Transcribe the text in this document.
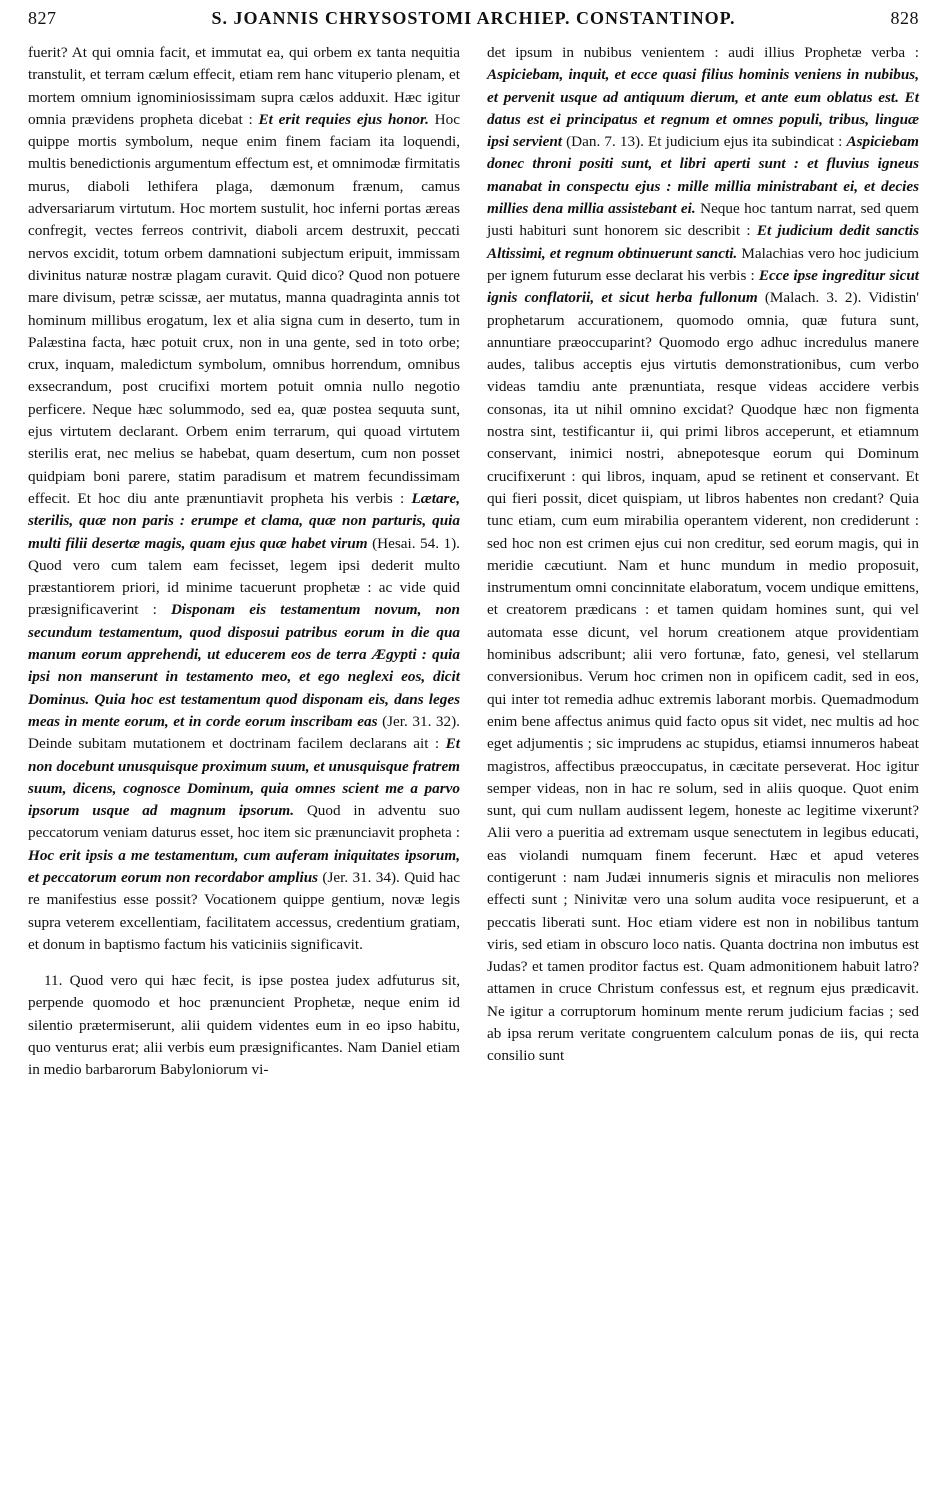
827	S. JOANNIS CHRYSOSTOMI ARCHIEP. CONSTANTINOP.	828

fuerit? At qui omnia facit, et immutat ea, qui orbem ex tanta nequitia transtulit, et terram cælum effecit, etiam rem hanc vituperio plenam, et mortem omnium ignominiosissimam supra cælos adduxit. Hæc igitur omnia prævidens propheta dicebat : Et erit requies ejus honor. Hoc quippe mortis symbolum, neque enim finem faciam ita loquendi, multis benedictionis argumentum effectum est, et omnimodæ firmitatis murus, diaboli lethifera plaga, dæmonum frænum, camus adversariarum virtutum. Hoc mortem sustulit, hoc inferni portas æreas confregit, vectes ferreos contrivit, diaboli arcem destruxit, peccati nervos excidit, totum orbem damnationi subjectum eripuit, immissam divinitus naturæ nostræ plagam curavit. Quid dico? Quod non potuere mare divisum, petræ scissæ, aer mutatus, manna quadraginta annis tot hominum millibus erogatum, lex et alia signa cum in deserto, tum in Palæstina facta, hæc potuit crux, non in una gente, sed in toto orbe; crux, inquam, maledictum symbolum, omnibus horrendum, omnibus exsecrandum, post crucifixi mortem potuit omnia nullo negotio perficere. Neque hæc solummodo, sed ea, quæ postea sequuta sunt, ejus virtutem declarant. Orbem enim terrarum, qui quoad virtutem sterilis erat, nec melius se habebat, quam desertum, cum non posset quidpiam boni parere, statim paradisum et matrem fecundissimam effecit. Et hoc diu ante prænuntiavit propheta his verbis : Lætare, sterilis, quæ non paris : erumpe et clama, quæ non parturis, quia multi filii desertæ magis, quam ejus quæ habet virum (Hesai. 54. 1). Quod vero cum talem eam fecisset, legem ipsi dederit multo præstantiorem priori, id minime tacuerunt prophetæ : ac vide quid præsignificaverint : Disponam eis testamentum novum, non secundum testamentum, quod disposui patribus eorum in die qua manum eorum apprehendi, ut educerem eos de terra Ægypti : quia ipsi non manserunt in testamento meo, et ego neglexi eos, dicit Dominus. Quia hoc est testamentum quod disponam eis, dans leges meas in mente eorum, et in corde eorum inscribam eas (Jer. 31. 32). Deinde subitam mutationem et doctrinam facilem declarans ait : Et non docebunt unusquisque proximum suum, et unusquisque fratrem suum, dicens, cognosce Dominum, quia omnes scient me a parvo ipsorum usque ad magnum ipsorum. Quod in adventu suo peccatorum veniam daturus esset, hoc item sic prænunciavit propheta : Hoc erit ipsis a me testamentum, cum auferam iniquitates ipsorum, et peccatorum eorum non recordabor amplius (Jer. 31. 34). Quid hac re manifestius esse possit? Vocationem quippe gentium, novæ legis supra veterem excellentiam, facilitatem accessus, credentium gratiam, et donum in baptismo factum his vaticiniis significavit.

11. Quod vero qui hæc fecit, is ipse postea judex adfuturus sit, perpende quomodo et hoc prænuncient Prophetæ, neque enim id silentio prætermiserunt, alii quidem videntes eum in eo ipso habitu, quo venturus erat; alii verbis eum præsignificantes. Nam Daniel etiam in medio barbarorum Babyloniorum vi-

det ipsum in nubibus venientem : audi illius Prophetæ verba : Aspiciebam, inquit, et ecce quasi filius hominis veniens in nubibus, et pervenit usque ad antiquum dierum, et ante eum oblatus est. Et datus est ei principatus et regnum et omnes populi, tribus, linguæ ipsi servient (Dan. 7. 13). Et judicium ejus ita subindicat : Aspiciebam donec throni positi sunt, et libri aperti sunt : et fluvius igneus manabat in conspectu ejus : mille millia ministrabant ei, et decies millies dena millia assistebant ei. Neque hoc tantum narrat, sed quem justi habituri sunt honorem sic describit : Et judicium dedit sanctis Altissimi, et regnum obtinuerunt sancti. Malachias vero hoc judicium per ignem futurum esse declarat his verbis : Ecce ipse ingreditur sicut ignis conflatorii, et sicut herba fullonum (Malach. 3. 2). Vidistin' prophetarum accurationem, quomodo omnia, quæ futura sunt, annuntiare præoccuparint? Quomodo ergo adhuc incredulus manere audes, talibus acceptis ejus virtutis demonstrationibus, cum verbo videas tamdiu ante prænuntiata, resque videas accidere verbis consonas, ita ut nihil omnino excidat? Quodque hæc non figmenta nostra sint, testificantur ii, qui primi libros acceperunt, et etiamnum conservant, inimici nostri, abnepotesque eorum qui Dominum crucifixerunt : qui libros, inquam, apud se retinent et conservant. Et qui fieri possit, dicet quispiam, ut libros habentes non credant? Quia tunc etiam, cum eum mirabilia operantem viderent, non crediderunt : sed hoc non est crimen ejus cui non creditur, sed eorum magis, qui in meridie cæcutiunt. Nam et hunc mundum in medio proposuit, instrumentum omni concinnitate elaboratum, vocem undique emittens, et creatorem prædicans : et tamen quidam homines sunt, qui vel automata esse dicunt, vel horum creationem atque providentiam hominibus adscribunt; alii vero fortunæ, fato, genesi, vel stellarum conversionibus. Verum hoc crimen non in opificem cadit, sed in eos, qui inter tot remedia adhuc extremis laborant morbis. Quemadmodum enim bene affectus animus quid facto opus sit videt, nec multis ad hoc eget adjumentis ; sic imprudens ac stupidus, etiamsi innumeros habeat magistros, affectibus præoccupatus, in cæcitate perseverat. Hoc igitur semper videas, non in hac re solum, sed in aliis quoque. Quot enim sunt, qui cum nullam audissent legem, honeste ac legitime vixerunt? Alii vero a pueritia ad extremam usque senectutem in legibus educati, eas violandi numquam finem fecerunt. Hæc et apud veteres contigerunt : nam Judæi innumeris signis et miraculis non meliores effecti sunt ; Ninivitæ vero una solum audita voce resipuerunt, et a peccatis liberati sunt. Hoc etiam videre est non in nobilibus tantum viris, sed etiam in obscuro loco natis. Quanta doctrina non imbutus est Judas? et tamen proditor factus est. Quam admonitionem habuit latro? attamen in cruce Christum confessus est, et regnum ejus prædicavit. Ne igitur a corruptorum hominum mente rerum judicium facias ; sed ab ipsa rerum veritate congruentem calculum ponas de iis, qui recta consilio sunt
